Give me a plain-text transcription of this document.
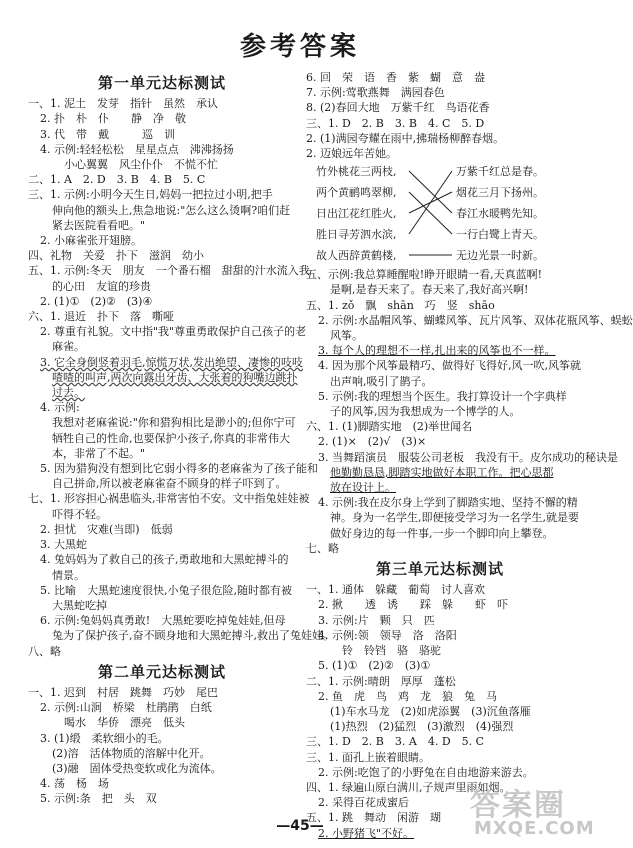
参考答案
第一单元达标测试
一、1. 泥土　发芽　指针　虽然　承认
2. 扑　朴　仆　　静　净　敬
3. 代　带　戴　　　巡　训
4. 示例:轻轻松松　星星点点　沸沸扬扬
小心翼翼　风尘仆仆　不慌不忙
二、1. A　2. D　3. B　4. B　5. C
三、1. 示例:小明今天生日,妈妈一把拉过小明,把手
伸向他的额头上,焦急地说:"怎么这么烫啊?咱们赶
紧去医院看看吧。"
2. 小麻雀张开翅膀。
四、礼物　关爱　扑下　滋润　幼小
五、1. 示例:冬天　朋友　一个番石榴　甜甜的汁水流入我
的心田　友谊的珍贵
2. (1)①　(2)②　(3)④
六、1. 退近　扑下　落　嘶哑
2. 尊重有礼貌。文中指"我"尊重勇敢保护自己孩子的老
麻雀。
3. 它全身倒竖着羽毛,惊慌万状,发出绝望、凄惨的吱吱
喳喳的叫声,两次向露出牙齿、大张着的狗嘴边跳扑
过去。
4. 示例:
我想对老麻雀说:"你和猎狗相比是渺小的;但你宁可
牺牲自己的性命,也要保护小孩子,你真的非常伟大
本，非常了不起。"
5. 因为猎狗没有想到比它弱小得多的老麻雀为了孩子能和
自己拼命,所以被老麻雀奋不顾身的样子吓到了。
七、1. 形容担心祸患临头,非常害怕不安。文中指兔娃娃被
吓得不轻。
2. 担忧　灾难(当即)　低弱
3. 大黑蛇
4. 兔妈妈为了救自己的孩子,勇敢地和大黑蛇搏斗的
情景。
5. 比喻　大黑蛇速度很快,小兔子很危险,随时都有被
大黑蛇吃掉
6. 示例:兔妈妈真勇敢!　大黑蛇要吃掉兔娃娃,但母
兔为了保护孩子,奋不顾身地和大黑蛇搏斗,救出了兔娃娃。
八、略
第二单元达标测试
一、1. 迟到　村居　跳舞　巧妙　尾巴
2. 示例:山涧　桥梁　杜鹃鹃　白纸
喝水　华侨　漂亮　低头
3. (1)缎　柔软细小的毛。
(2)溶　活体物质的溶解中化开。
(3)融　固体受热变软或化为流体。
4. 荡　杨　场
5. 示例:条　把　头　双
6. 回　荣　语　香　紫　蝴　意　盎
7. 示例:莺歌燕舞　满园春色
8. (2)春回大地　万紫千红　鸟语花香
三、1. D　2. B　3. B　4. C　5. D
2. (1)满园夸耀在雨中,拂瑞杨柳醉春烟。
2. 迈娘远年苦她。
竹外桃花三两枝,
两个黄鹂鸣翠柳,
日出江花红胜火,
胜日寻芳泗水滨,
故人西辞黄鹤楼,
万紫千红总是春。
烟花三月下扬州。
春江水暖鸭先知。
一行白鹭上青天。
无边光景一时新。
五、示例:我总算睡醒啦!睁开眼睛一看,天真蓝啊!
是啊,是春天来了。春天来了,我好高兴啊!
五、1. zǒ　飘　shān　巧　竖　shāo
2. 示例:水晶帽风筝、蝴蝶风筝、瓦片风筝、双体花瓶风筝、蜈蚣
风筝。
3. 每个人的理想不一样,扎出来的风筝也不一样。
4. 因为那个风筝最精巧、做得好飞得好,风一吹,风筝就
出声响,吸引了鹊子。
5. 示例:我的理想当个医生。我打算设计一个字典样
子的风筝,因为我想成为一个博学的人。
六、1. (1)脚踏实地　(2)举世闻名
2. (1)×　(2)√　(3)×
3. 当舞蹈演员　服装公司老板　我没有干。皮尔成功的秘诀是
他勤勤恳恳,脚踏实地做好本职工作。把心思都
放在设计上。
4. 示例:我在皮尔身上学到了脚踏实地、坚持不懈的精
神。身为一名学生,即便接受学习为一名学生,就是要
做好身边的每一件事,一步一个脚印向上攀登。
七、略
第三单元达标测试
一、1. 通体　躲藏　葡萄　讨人喜欢
2. 揪　　透　诱　　踩　躲　　虾　吓
3. 示例:片　颗　只　匹
4. 示例:领　领导　洛　洛阳
铃　铃铛　骆　骆驼
5. (1)①　(2)②　(3)①
二、1. 示例:晴朗　厚厚　蓬松
2. 鱼　虎　鸟　鸡　龙　狼　兔　马
(1)车水马龙　(2)如虎添翼　(3)沉鱼落雁
(1)热烈　(2)猛烈　(3)激烈　(4)强烈
三、1. D　2. B　3. A　4. D　5. C
三、1. 面孔上嵌着眼睛。
2. 示例:吃饱了的小野兔在自由地游来游去。
四、1. 绿遍山原白满川,子规声里雨如烟。
2. 采得百花成蜜后
五、1. 跳　舞动　闲游　瑚
2. 小野猪飞"不好。
—45—
答案圈
MXQE.COM
